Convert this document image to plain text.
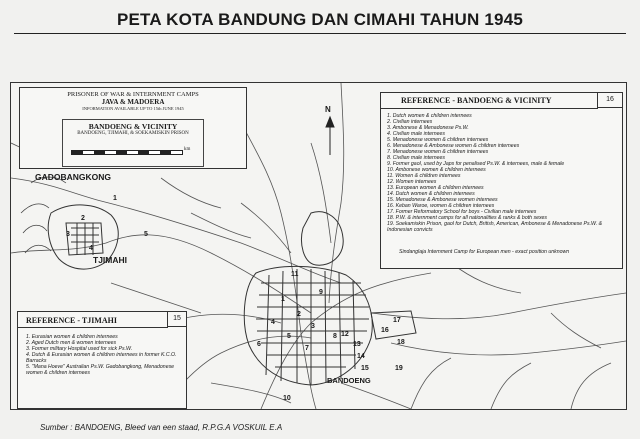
PETA KOTA BANDUNG DAN CIMAHI TAHUN 1945
PRISONER OF WAR & INTERNMENT CAMPS
JAVA & MADOERA
INFORMATION AVAILABLE UP TO 15th JUNE 1945
BANDOENG & VICINITY
BANDOENG, TJIMAHI, & SOEKAMISKIN PRISON
km
REFERENCE - BANDOENG & VICINITY	16
1. Dutch women & children internees
2. Civilian internees
3. Ambonese & Menadonese Ps.W.
4. Civilian male internees
5. Menadonese women & children internees
6. Menadonese & Ambonese women & children internees
7. Menadonese women & children internees
8. Civilian male internees
9. Former gaol, used by Japs for penalised Ps.W. & internees, male & female
10. Ambonese women & children internees
11. Women & children internees
12. Women internees
13. European women & children internees
14. Dutch women & children internees
15. Menadonese & Ambonese women internees
16. Keban Waroe, women & children internees
17. Former Reformatory School for boys - Civilian male internees
18. P.W. & internment camps for all nationalities & ranks & both sexes
19. Soekamiskin Prison, gaol for Dutch, British, American, Ambonese & Menadonese Ps.W. & Indonesian convicts
Sindanglaja Internment Camp for European men - exact position unknown
REFERENCE - TJIMAHI	15
1. Eurasian women & children internees
2. Aged Dutch men & women internees
3. Former military Hospital used for sick Ps.W.
4. Dutch & Eurasian women & children internees in former K.C.O. Barracks
5. "Mana Hoeve" Australian Ps.W. Gadobangkong, Menadonese women & children internees
GADOBANGKONG
TJIMAHI
BANDOENG
N
1
2
3
4
5
1
2
3
4
5
6
7
8
9
10
11
12
13
14
15
16
17
18
19
Sumber : BANDOENG, Bleed van een staad, R.P.G.A VOSKUIL E.A
